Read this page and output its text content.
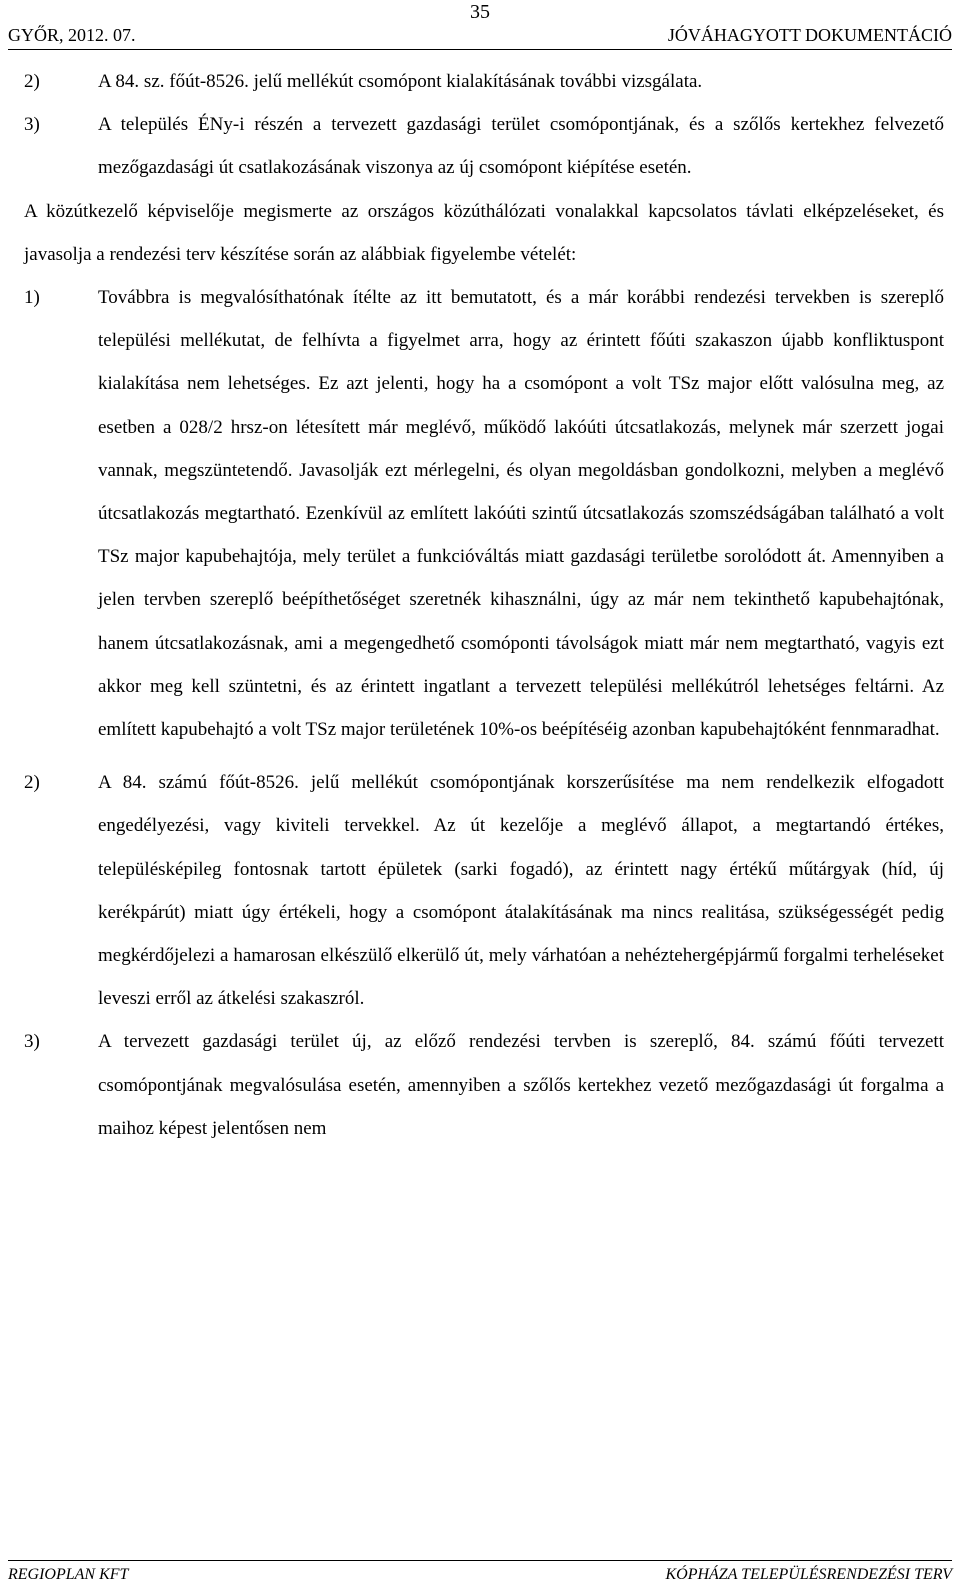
35
GYŐR, 2012. 07.	JÓVÁHAGYOTT DOKUMENTÁCIÓ
2)	A 84. sz. főút-8526. jelű mellékút csomópont kialakításának további vizsgálata.
3)	A település ÉNy-i részén a tervezett gazdasági terület csomópontjának, és a szőlős kertekhez felvezető mezőgazdasági út csatlakozásának viszonya az új csomópont kiépítése esetén.
A közútkezelő képviselője megismerte az országos közúthálózati vonalakkal kapcsolatos távlati elképzeléseket, és javasolja a rendezési terv készítése során az alábbiak figyelembe vételét:
1)	Továbbra is megvalósíthatónak ítélte az itt bemutatott, és a már korábbi rendezési tervekben is szereplő települési mellékutat, de felhívta a figyelmet arra, hogy az érintett főúti szakaszon újabb konfliktuspont kialakítása nem lehetséges. Ez azt jelenti, hogy ha a csomópont a volt TSz major előtt valósulna meg, az esetben a 028/2 hrsz-on létesített már meglévő, működő lakóúti útcsatlakozás, melynek már szerzett jogai vannak, megszüntetendő. Javasolják ezt mérlegelni, és olyan megoldásban gondolkozni, melyben a meglévő útcsatlakozás megtartható. Ezenkívül az említett lakóúti szintű útcsatlakozás szomszédságában található a volt TSz major kapubehajtója, mely terület a funkcióváltás miatt gazdasági területbe sorolódott át. Amennyiben a jelen tervben szereplő beépíthetőséget szeretnék kihasználni, úgy az már nem tekinthető kapubehajtónak, hanem útcsatlakozásnak, ami a megengedhető csomóponti távolságok miatt már nem megtartható, vagyis ezt akkor meg kell szüntetni, és az érintett ingatlant a tervezett települési mellékútról lehetséges feltárni. Az említett kapubehajtó a volt TSz major területének 10%-os beépítéséig azonban kapubehajtóként fennmaradhat.
2)	A 84. számú főút-8526. jelű mellékút csomópontjának korszerűsítése ma nem rendelkezik elfogadott engedélyezési, vagy kiviteli tervekkel. Az út kezelője a meglévő állapot, a megtartandó értékes, településképileg fontosnak tartott épületek (sarki fogadó), az érintett nagy értékű műtárgyak (híd, új kerékpárút) miatt úgy értékeli, hogy a csomópont átalakításának ma nincs realitása, szükségességét pedig megkérdőjelezi a hamarosan elkészülő elkerülő út, mely várhatóan a nehéztehergépjármű forgalmi terheléseket leveszi erről az átkelési szakaszról.
3)	A tervezett gazdasági terület új, az előző rendezési tervben is szereplő, 84. számú főúti tervezett csomópontjának megvalósulása esetén, amennyiben a szőlős kertekhez vezető mezőgazdasági út forgalma a maihoz képest jelentősen nem
REGIOPLAN KFT	KÓPHÁZA TELEPÜLÉSRENDEZÉSI TERV
